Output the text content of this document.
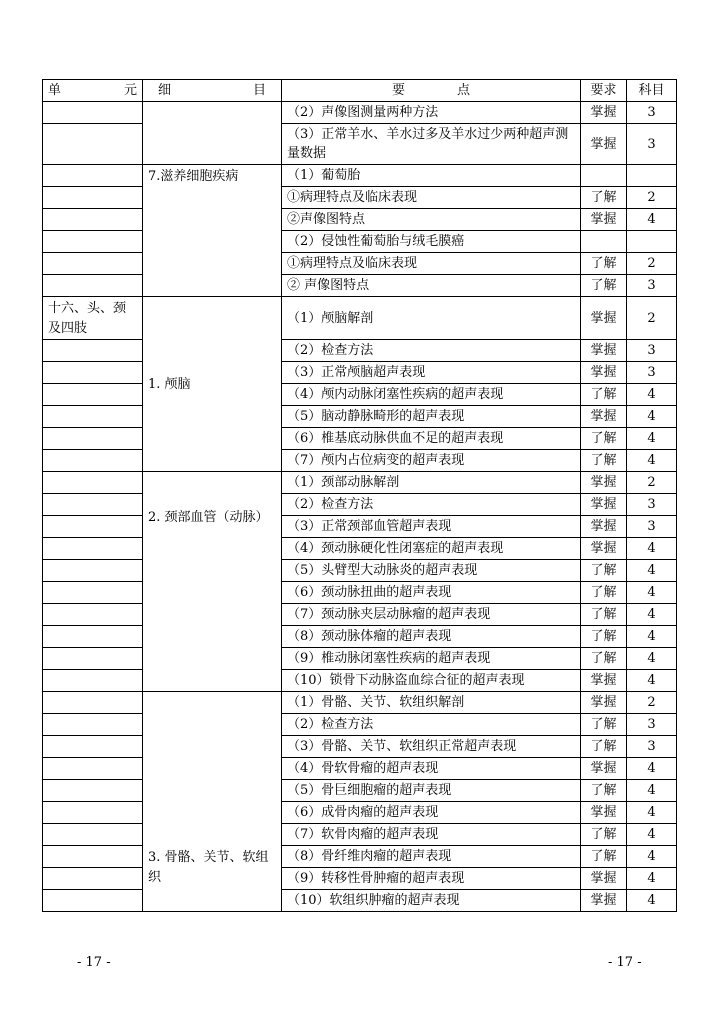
单 元	细 目	要 点	要求	科目
		（2）声像图测量两种方法	掌握	3
		（3）正常羊水、羊水过多及羊水过少两种超声测量数据	掌握	3
	7.滋养细胞疾病	（1）葡萄胎		
		①病理特点及临床表现	了解	2
		②声像图特点	掌握	4
		（2）侵蚀性葡萄胎与绒毛膜癌		
		①病理特点及临床表现	了解	2
		② 声像图特点	了解	3
十六、头、颈及四肢	1. 颅脑	（1）颅脑解剖	掌握	2
		（2）检查方法	掌握	3
		（3）正常颅脑超声表现	掌握	3
		（4）颅内动脉闭塞性疾病的超声表现	了解	4
		（5）脑动静脉畸形的超声表现	掌握	4
		（6）椎基底动脉供血不足的超声表现	了解	4
		（7）颅内占位病变的超声表现	了解	4
	2. 颈部血管（动脉）	（1）颈部动脉解剖	掌握	2
		（2）检查方法	掌握	3
		（3）正常颈部血管超声表现	掌握	3
		（4）颈动脉硬化性闭塞症的超声表现	掌握	4
		（5）头臂型大动脉炎的超声表现	了解	4
		（6）颈动脉扭曲的超声表现	了解	4
		（7）颈动脉夹层动脉瘤的超声表现	了解	4
		（8）颈动脉体瘤的超声表现	了解	4
		（9）椎动脉闭塞性疾病的超声表现	了解	4
		（10）锁骨下动脉盗血综合征的超声表现	掌握	4
	3. 骨骼、关节、软组织	（1）骨骼、关节、软组织解剖	掌握	2
		（2）检查方法	了解	3
		（3）骨骼、关节、软组织正常超声表现	了解	3
		（4）骨软骨瘤的超声表现	掌握	4
		（5）骨巨细胞瘤的超声表现	了解	4
		（6）成骨肉瘤的超声表现	掌握	4
		（7）软骨肉瘤的超声表现	了解	4
		（8）骨纤维肉瘤的超声表现	了解	4
		（9）转移性骨肿瘤的超声表现	掌握	4
		（10）软组织肿瘤的超声表现	掌握	4
- 17 -	- 17 -
